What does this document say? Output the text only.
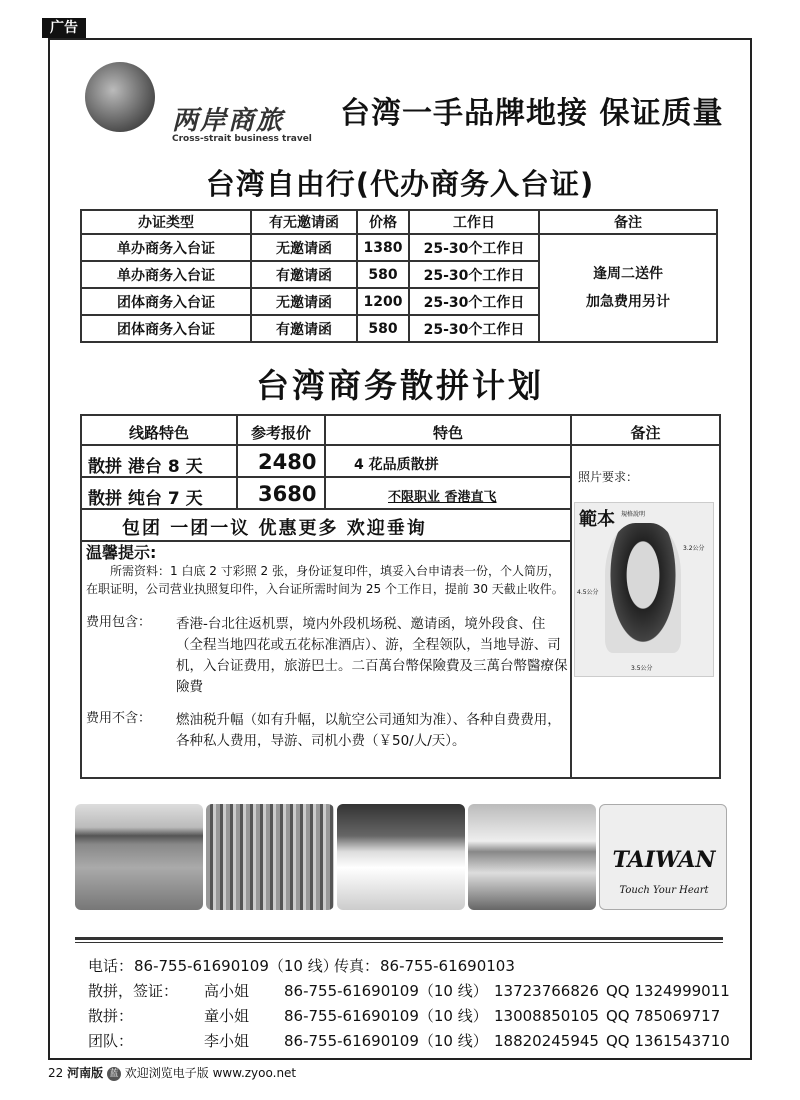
广告
两岸商旅
Cross-strait business travel
台湾一手品牌地接 保证质量
台湾自由行(代办商务入台证)
办证类型	有无邀请函	价格	工作日	备注
单办商务入台证	无邀请函	1380	25-30个工作日	逢周二送件
加急费用另计

单办商务入台证	有邀请函	580	25-30个工作日	
团体商务入台证	无邀请函	1200	25-30个工作日	
团体商务入台证	有邀请函	580	25-30个工作日	
台湾商务散拼计划
线路特色	参考报价	特色	备注
散拼 港台 8 天	2480	4 花品质散拼
散拼 纯台 7 天	3680	不限职业 香港直飞
包团 一团一议 优惠更多 欢迎垂询
温馨提示:
所需资料：1 白底 2 寸彩照 2 张，身份证复印件，填妥入台申请表一份，个人简历，在职证明，公司营业执照复印件，入台证所需时间为 25 个工作日，提前 30 天截止收件。
费用包含：	香港-台北往返机票，境内外段机场税、邀请函，境外段食、住（全程当地四花或五花标准酒店）、游，全程领队，当地导游、司机，入台证费用，旅游巴士。二百萬台幣保險費及三萬台幣醫療保險費
费用不含：	燃油税升幅（如有升幅，以航空公司通知为准）、各种自费费用，各种私人费用，导游、司机小费（￥50/人/天）。
照片要求：
範本 規格說明
4.5公分
3.2公分
3.5公分
TAIWAN
Touch Your Heart
电话： 86-755-61690109（10 线）
传真： 86-755-61690103
散拼，签证： 高小姐 86-755-61690109（10 线） 13723766826 QQ 1324999011
散拼：	童小姐 86-755-61690109（10 线） 13008850105 QQ 785069717
团队：	李小姐 86-755-61690109（10 线） 18820245945 QQ 1361543710
22 河南版 蓝 欢迎浏览电子版 www.zyoo.net
